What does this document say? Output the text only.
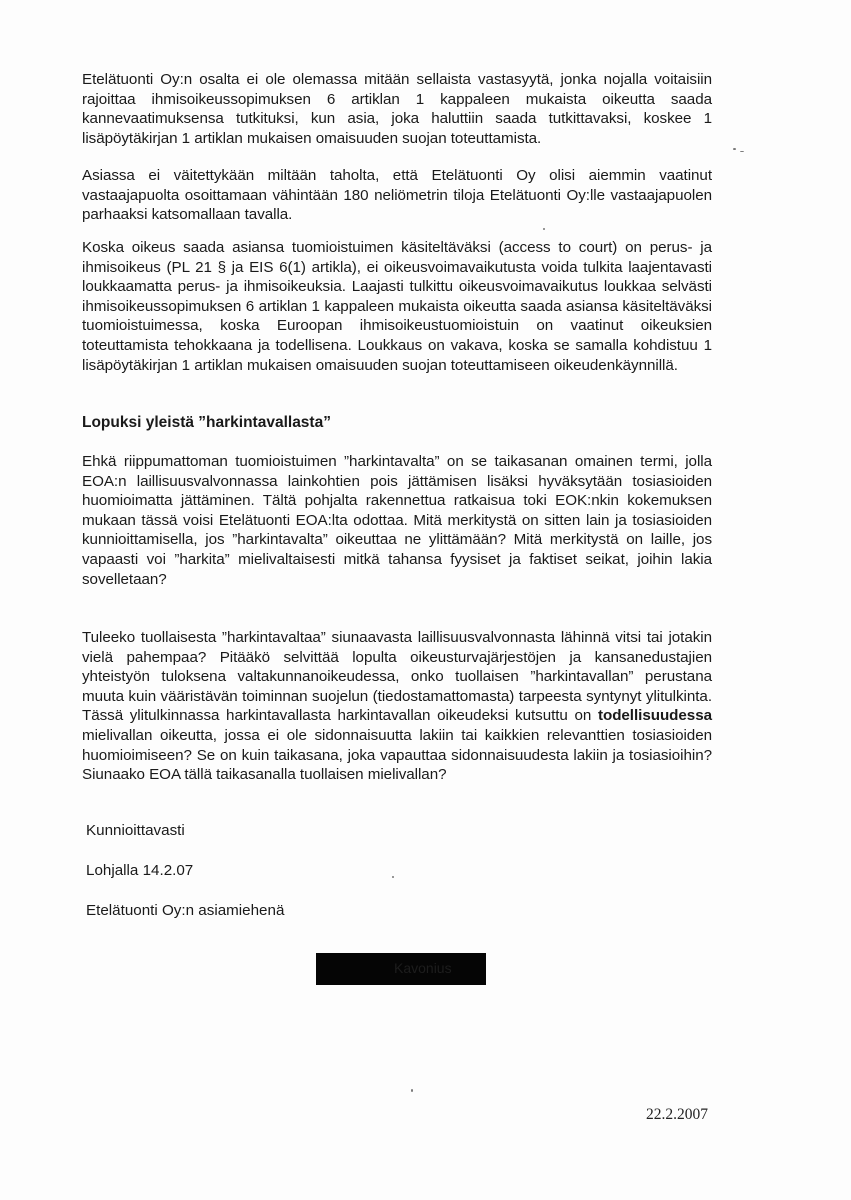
Etelätuonti Oy:n osalta ei ole olemassa mitään sellaista vastasyytä, jonka nojalla voitaisiin rajoittaa ihmisoikeussopimuksen 6 artiklan 1 kappaleen mukaista oikeutta saada kannevaatimuksensa tutkituksi, kun asia, joka haluttiin saada tutkittavaksi, koskee 1 lisäpöytäkirjan 1 artiklan mukaisen omaisuuden suojan toteuttamista.

Asiassa ei väitettykään miltään taholta, että Etelätuonti Oy olisi aiemmin vaatinut vastaajapuolta osoittamaan vähintään 180 neliömetrin tiloja Etelätuonti Oy:lle vastaajapuolen parhaaksi katsomallaan tavalla.

Koska oikeus saada asiansa tuomioistuimen käsiteltäväksi (access to court) on perus- ja ihmisoikeus (PL 21 § ja EIS 6(1) artikla), ei oikeusvoimavaikutusta voida tulkita laajentavasti loukkaamatta perus- ja ihmisoikeuksia. Laajasti tulkittu oikeusvoimavaikutus loukkaa selvästi ihmisoikeussopimuksen 6 artiklan 1 kappaleen mukaista oikeutta saada asiansa käsiteltäväksi tuomioistuimessa, koska Euroopan ihmisoikeustuomioistuin on vaatinut oikeuksien toteuttamista tehokkaana ja todellisena. Loukkaus on vakava, koska se samalla kohdistuu 1 lisäpöytäkirjan 1 artiklan mukaisen omaisuuden suojan toteuttamiseen oikeudenkäynnillä.

Lopuksi yleistä ”harkintavallasta”

Ehkä riippumattoman tuomioistuimen ”harkintavalta” on se taikasanan omainen termi, jolla EOA:n laillisuusvalvonnassa lainkohtien pois jättämisen lisäksi hyväksytään tosiasioiden huomioimatta jättäminen. Tältä pohjalta rakennettua ratkaisua toki EOK:nkin kokemuksen mukaan tässä voisi Etelätuonti EOA:lta odottaa. Mitä merkitystä on sitten lain ja tosiasioiden kunnioittamisella, jos ”harkintavalta” oikeuttaa ne ylittämään? Mitä merkitystä on laille, jos vapaasti voi ”harkita” mielivaltaisesti mitkä tahansa fyysiset ja faktiset seikat, joihin lakia sovelletaan?

Tuleeko tuollaisesta ”harkintavaltaa” siunaavasta laillisuusvalvonnasta lähinnä vitsi tai jotakin vielä pahempaa? Pitääkö selvittää lopulta oikeusturvajärjestöjen ja kansanedustajien yhteistyön tuloksena valtakunnanoikeudessa, onko tuollaisen ”harkintavallan” perustana muuta kuin vääristävän toiminnan suojelun (tiedostamattomasta) tarpeesta syntynyt ylitulkinta. Tässä ylitulkinnassa harkintavallasta harkintavallan oikeudeksi kutsuttu on todellisuudessa mielivallan oikeutta, jossa ei ole sidonnaisuutta lakiin tai kaikkien relevanttien tosiasioiden huomioimiseen? Se on kuin taikasana, joka vapauttaa sidonnaisuudesta lakiin ja tosiasioihin? Siunaako EOA tällä taikasanalla tuollaisen mielivallan?

Kunnioittavasti

Lohjalla 14.2.07

Etelätuonti Oy:n asiamiehenä

Kavonius
22.2.2007
